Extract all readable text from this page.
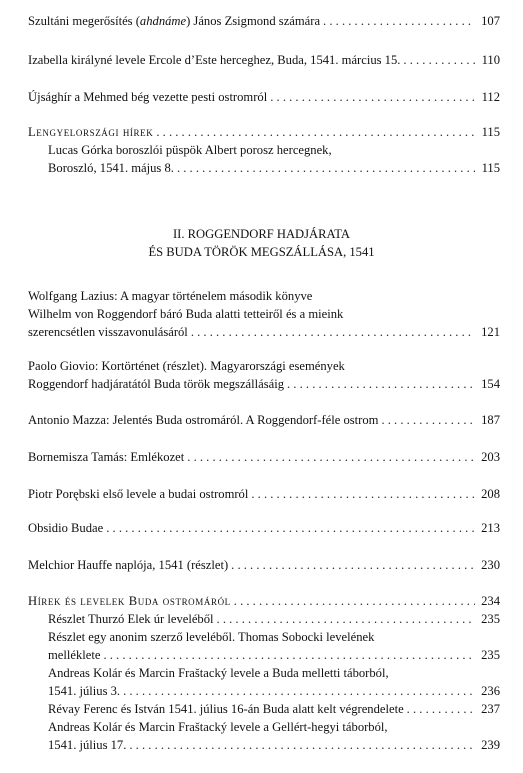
Szultáni megerősítés (ahdnáme) János Zsigmond számára . . .	107
Izabella királyné levele Ercole d’Este herceghez, Buda, 1541. március 15. . . .	110
Újsághír a Mehmed bég vezette pesti ostromról . . .	112
Lengyelországi hírek . . .	115
Lucas Górka boroszlói püspök Albert porosz hercegnek,
Boroszló, 1541. május 8. . . .	115
II. ROGGENDORF HADJÁRATA
ÉS BUDA TÖRÖK MEGSZÁLLÁSA, 1541
Wolfgang Lazius: A magyar történelem második könyve
Wilhelm von Roggendorf báró Buda alatti tetteiről és a mieink
szerencsétlen visszavonulásáról . . .	121
Paolo Giovio: Kortörténet (részlet). Magyarországi események
Roggendorf hadjáratától Buda török megszállásáig . . .	154
Antonio Mazza: Jelentés Buda ostromáról. A Roggendorf-féle ostrom . . .	187
Bornemisza Tamás: Emlékozet . . .	203
Piotr Porębski első levele a budai ostromról . . .	208
Obsidio Budae . . .	213
Melchior Hauffe naplója, 1541 (részlet) . . .	230
Hírek és levelek Buda ostromáról . . .	234
Részlet Thurzó Elek úr leveléből . . .	235
Részlet egy anonim szerző leveléből. Thomas Sobocki levelének
melléklete . . .	235
Andreas Kolár és Marcin Fraštacký levele a Buda melletti táborból,
1541. július 3. . . .	236
Révay Ferenc és István 1541. július 16-án Buda alatt kelt végrendelete . . .	237
Andreas Kolár és Marcin Fraštacký levele a Gellért-hegyi táborból,
1541. július 17. . . .	239
